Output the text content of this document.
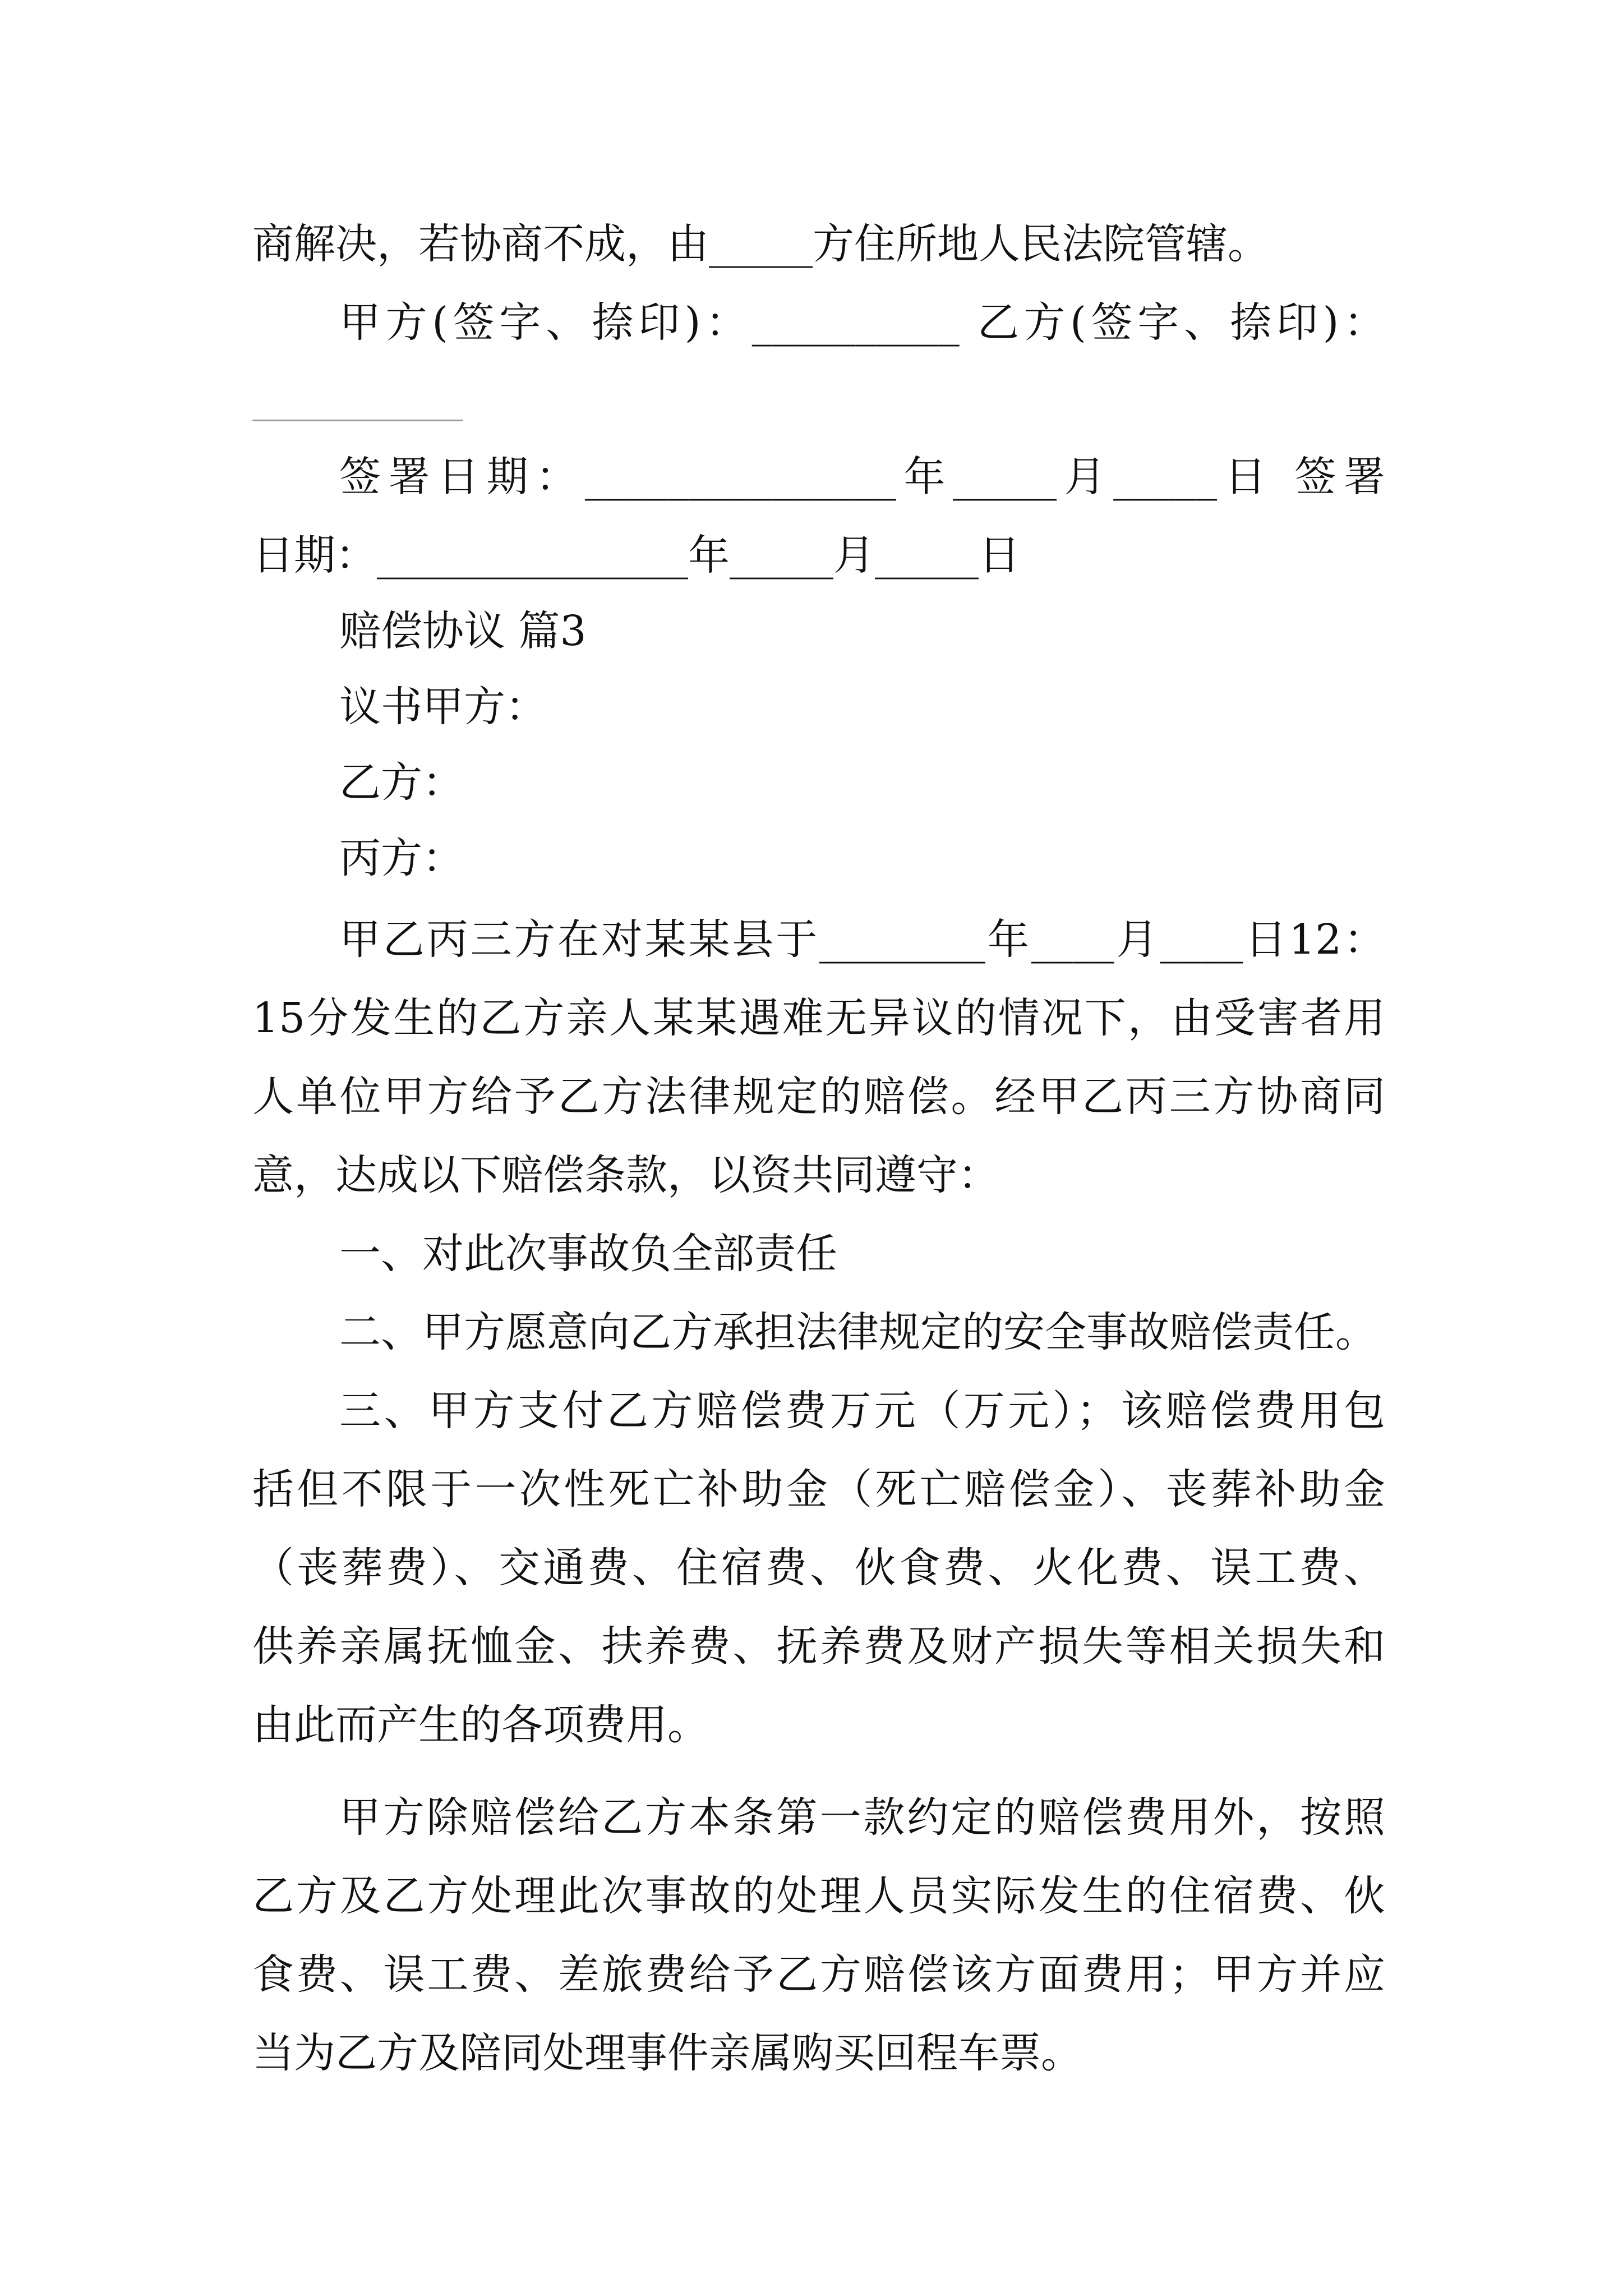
商解决，若协商不成，由_____方住所地人民法院管辖。
甲方(签字、捺印)：__________ 乙方(签字、捺印)：
签署日期：_______________年_____月_____日 签署
日期：_______________年_____月_____日
赔偿协议 篇3
议书甲方：
乙方：
丙方：
甲乙丙三方在对某某县于________年____月____日12：
15分发生的乙方亲人某某遇难无异议的情况下，由受害者用
人单位甲方给予乙方法律规定的赔偿。经甲乙丙三方协商同
意，达成以下赔偿条款，以资共同遵守：
一、对此次事故负全部责任
二、甲方愿意向乙方承担法律规定的安全事故赔偿责任。
三、甲方支付乙方赔偿费万元（万元）；该赔偿费用包
括但不限于一次性死亡补助金（死亡赔偿金）、丧葬补助金
（丧葬费）、交通费、住宿费、伙食费、火化费、误工费、
供养亲属抚恤金、扶养费、抚养费及财产损失等相关损失和
由此而产生的各项费用。
甲方除赔偿给乙方本条第一款约定的赔偿费用外，按照
乙方及乙方处理此次事故的处理人员实际发生的住宿费、伙
食费、误工费、差旅费给予乙方赔偿该方面费用；甲方并应
当为乙方及陪同处理事件亲属购买回程车票。
